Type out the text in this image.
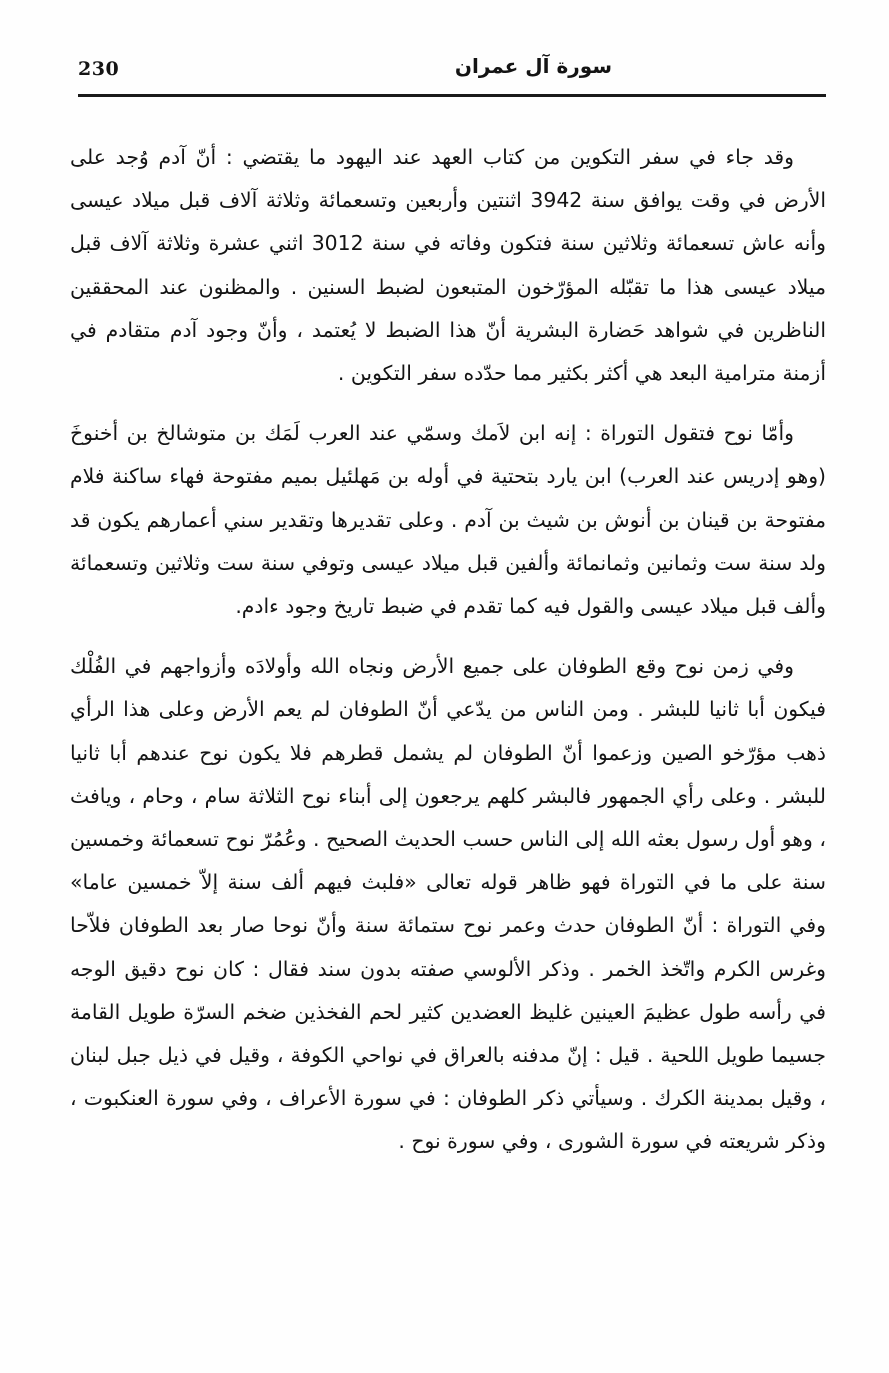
230	سورة آل عمران

وقد جاء في سفر التكوين من كتاب العهد عند اليهود ما يقتضي : أنّ آدم وُجد على الأرض في وقت يوافق سنة 3942 اثنتين وأربعين وتسعمائة وثلاثة آلاف قبل ميلاد عيسى وأنه عاش تسعمائة وثلاثين سنة فتكون وفاته في سنة 3012 اثني عشرة وثلاثة آلاف قبل ميلاد عيسى هذا ما تقبّله المؤرّخون المتبعون لضبط السنين . والمظنون عند المحققين الناظرين في شواهد حَضارة البشرية أنّ هذا الضبط لا يُعتمد ، وأنّ وجود آدم متقادم في أزمنة مترامية البعد هي أكثر بكثير مما حدّده سفر التكوين .

وأمّا نوح فتقول التوراة : إنه ابن لاَمك وسمّي عند العرب لَمَك بن متوشالخ بن أخنوخَ (وهو إدريس عند العرب) ابن يارد بتحتية في أوله بن مَهلئيل بميم مفتوحة فهاء ساكنة فلام مفتوحة بن قينان بن أنوش بن شيث بن آدم . وعلى تقديرها وتقدير سني أعمارهم يكون قد ولد سنة ست وثمانين وثمانمائة وألفين قبل ميلاد عيسى وتوفي سنة ست وثلاثين وتسعمائة وألف قبل ميلاد عيسى والقول فيه كما تقدم في ضبط تاريخ وجود ءادم.

وفي زمن نوح وقع الطوفان على جميع الأرض ونجاه الله وأولادَه وأزواجهم في الفُلْك فيكون أبا ثانيا للبشر . ومن الناس من يدّعي أنّ الطوفان لم يعم الأرض وعلى هذا الرأي ذهب مؤرّخو الصين وزعموا أنّ الطوفان لم يشمل قطرهم فلا يكون نوح عندهم أبا ثانيا للبشر . وعلى رأي الجمهور فالبشر كلهم يرجعون إلى أبناء نوح الثلاثة سام ، وحام ، ويافث ، وهو أول رسول بعثه الله إلى الناس حسب الحديث الصحيح . وعُمُرّ نوح تسعمائة وخمسين سنة على ما في التوراة فهو ظاهر قوله تعالى «فلبث فيهم ألف سنة إلاّ خمسين عاما» وفي التوراة : أنّ الطوفان حدث وعمر نوح ستمائة سنة وأنّ نوحا صار بعد الطوفان فلاّحا وغرس الكرم واتّخذ الخمر . وذكر الألوسي صفته بدون سند فقال : كان نوح دقيق الوجه في رأسه طول عظيمَ العينين غليظ العضدين كثير لحم الفخذين ضخم السرّة طويل القامة جسيما طويل اللحية . قيل : إنّ مدفنه بالعراق في نواحي الكوفة ، وقيل في ذيل جبل لبنان ، وقيل بمدينة الكرك . وسيأتي ذكر الطوفان : في سورة الأعراف ، وفي سورة العنكبوت ، وذكر شريعته في سورة الشورى ، وفي سورة نوح .
